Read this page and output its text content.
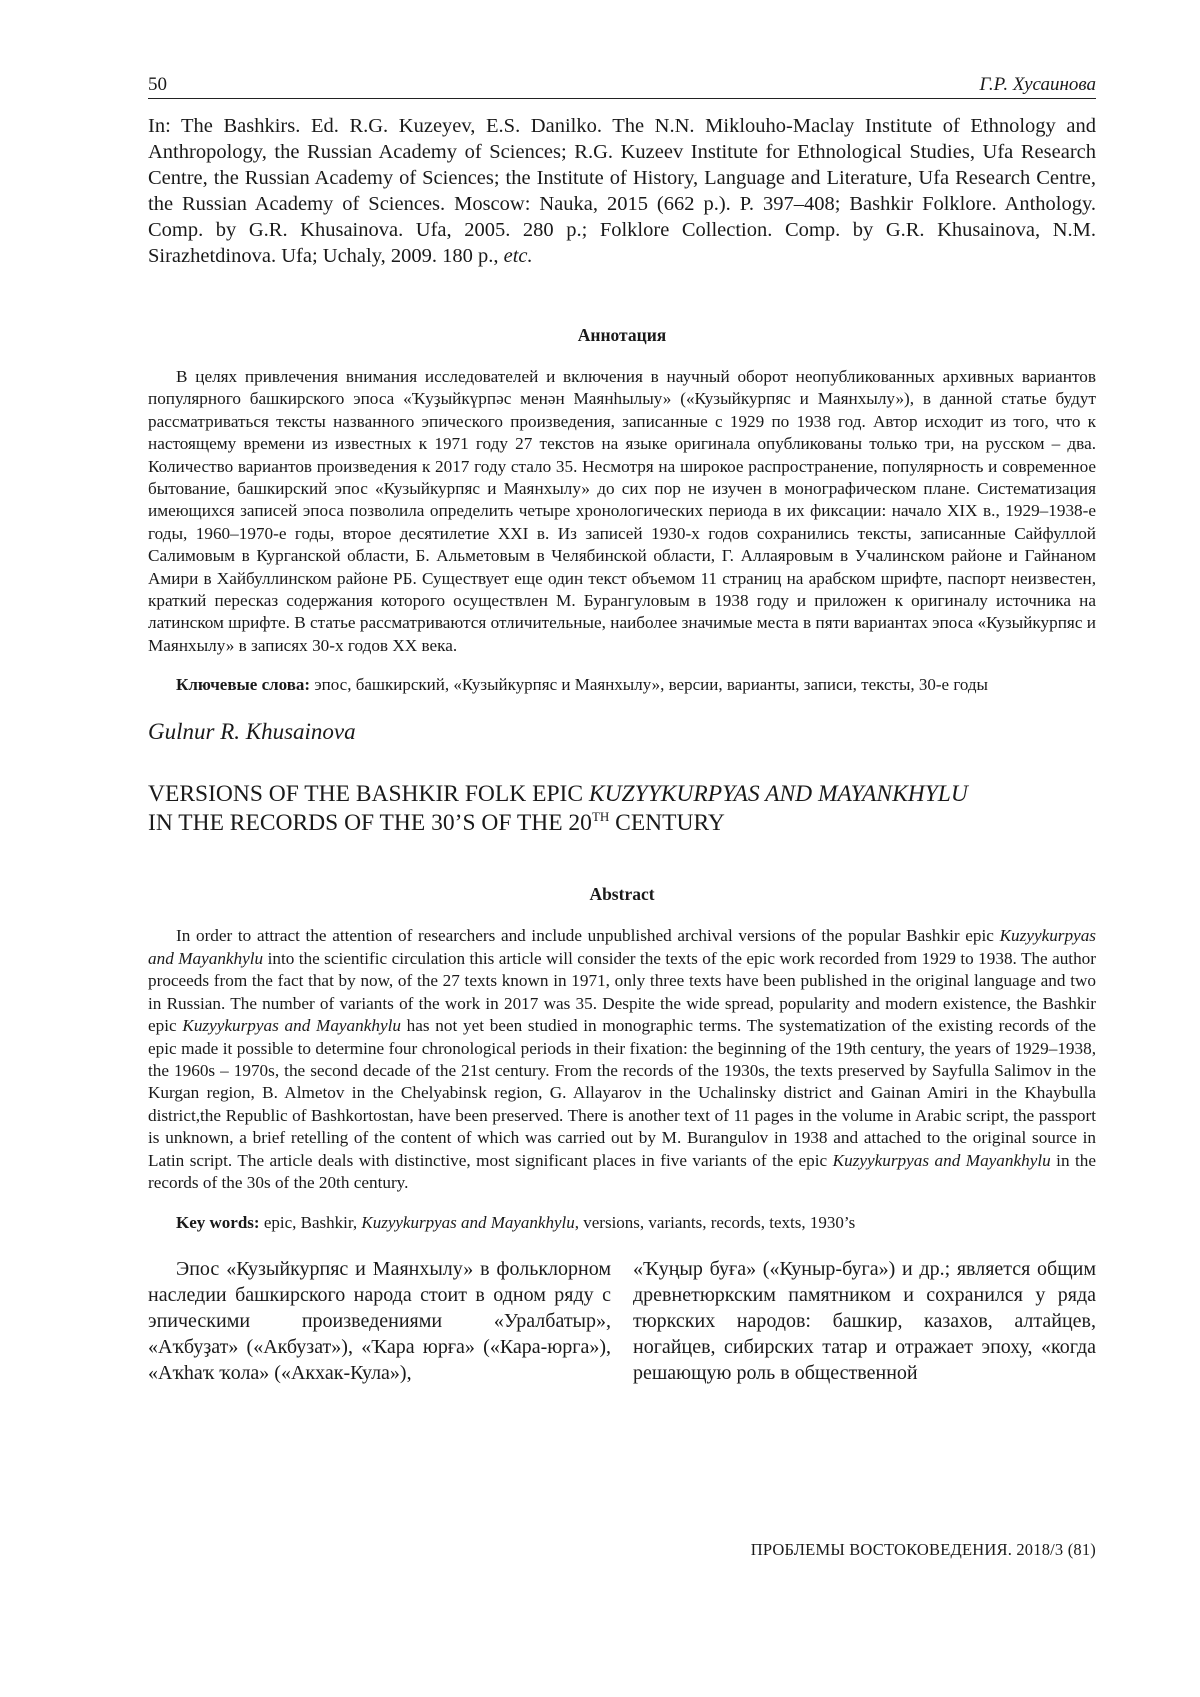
50	Г.Р. Хусаинова
In: The Bashkirs. Ed. R.G. Kuzeyev, E.S. Danilko. The N.N. Miklouho-Maclay Institute of Ethnology and Anthropology, the Russian Academy of Sciences; R.G. Kuzeev Institute for Ethnological Studies, Ufa Research Centre, the Russian Academy of Sciences; the Institute of History, Language and Literature, Ufa Research Centre, the Russian Academy of Sciences. Moscow: Nauka, 2015 (662 p.). P. 397–408; Bashkir Folklore. Anthology. Comp. by G.R. Khusainova. Ufa, 2005. 280 p.; Folklore Collection. Comp. by G.R. Khusainova, N.M. Sirazhetdinova. Ufa; Uchaly, 2009. 180 p., etc.
Аннотация

В целях привлечения внимания исследователей и включения в научный оборот неопубликованных архивных вариантов популярного башкирского эпоса «Ҡуҙыйкүрпәс менән Маянһылыу» («Кузыйкурпяс и Маянхылу»), в данной статье будут рассматриваться тексты названного эпического произведения, записанные с 1929 по 1938 год. Автор исходит из того, что к настоящему времени из известных к 1971 году 27 текстов на языке оригинала опубликованы только три, на русском – два. Количество вариантов произведения к 2017 году стало 35. Несмотря на широкое распространение, популярность и современное бытование, башкирский эпос «Кузыйкурпяс и Маянхылу» до сих пор не изучен в монографическом плане. Систематизация имеющихся записей эпоса позволила определить четыре хронологических периода в их фиксации: начало XIX в., 1929–1938-е годы, 1960–1970-е годы, второе десятилетие XXI в. Из записей 1930-х годов сохранились тексты, записанные Сайфуллой Салимовым в Курганской области, Б. Альметовым в Челябинской области, Г. Аллаяровым в Учалинском районе и Гайнаном Амири в Хайбуллинском районе РБ. Существует еще один текст объемом 11 страниц на арабском шрифте, паспорт неизвестен, краткий пересказ содержания которого осуществлен М. Бурангуловым в 1938 году и приложен к оригиналу источника на латинском шрифте. В статье рассматриваются отличительные, наиболее значимые места в пяти вариантах эпоса «Кузыйкурпяс и Маянхылу» в записях 30-х годов XX века.

Ключевые слова: эпос, башкирский, «Кузыйкурпяс и Маянхылу», версии, варианты, записи, тексты, 30-е годы

Gulnur R. Khusainova
VERSIONS OF THE BASHKIR FOLK EPIC KUZYYKURPYAS AND MAYANKHYLU
IN THE RECORDS OF THE 30’S OF THE 20TH CENTURY
Abstract

In order to attract the attention of researchers and include unpublished archival versions of the popular Bashkir epic Kuzyykurpyas and Mayankhylu into the scientific circulation this article will consider the texts of the epic work recorded from 1929 to 1938. The author proceeds from the fact that by now, of the 27 texts known in 1971, only three texts have been published in the original language and two in Russian. The number of variants of the work in 2017 was 35. Despite the wide spread, popularity and modern existence, the Bashkir epic Kuzyykurpyas and Mayankhylu has not yet been studied in monographic terms. The systematization of the existing records of the epic made it possible to determine four chronological periods in their fixation: the beginning of the 19th century, the years of 1929–1938, the 1960s – 1970s, the second decade of the 21st century. From the records of the 1930s, the texts preserved by Sayfulla Salimov in the Kurgan region, B. Almetov in the Chelyabinsk region, G. Allayarov in the Uchalinsky district and Gainan Amiri in the Khaybulla district,the Republic of Bashkortostan, have been preserved. There is another text of 11 pages in the volume in Arabic script, the passport is unknown, a brief retelling of the content of which was carried out by M. Burangulov in 1938 and attached to the original source in Latin script. The article deals with distinctive, most significant places in five variants of the epic Kuzyykurpyas and Mayankhylu in the records of the 30s of the 20th century.

Key words: epic, Bashkir, Kuzyykurpyas and Mayankhylu, versions, variants, records, texts, 1930’s

Эпос «Кузыйкурпяс и Маянхылу» в фольклорном наследии башкирского народа стоит в одном ряду с эпическими произведениями «Уралбатыр», «Аҡбуҙат» («Акбузат»), «Ҡара юрға» («Кара-юрга»), «Аҡһаҡ ҡола» («Акхак-Кула»),

«Ҡуңыр буға» («Куныр-буга») и др.; является общим древнетюркским памятником и сохранился у ряда тюркских народов: башкир, казахов, алтайцев, ногайцев, сибирских татар и отражает эпоху, «когда решающую роль в общественной

ПРОБЛЕМЫ ВОСТОКОВЕДЕНИЯ. 2018/3 (81)
